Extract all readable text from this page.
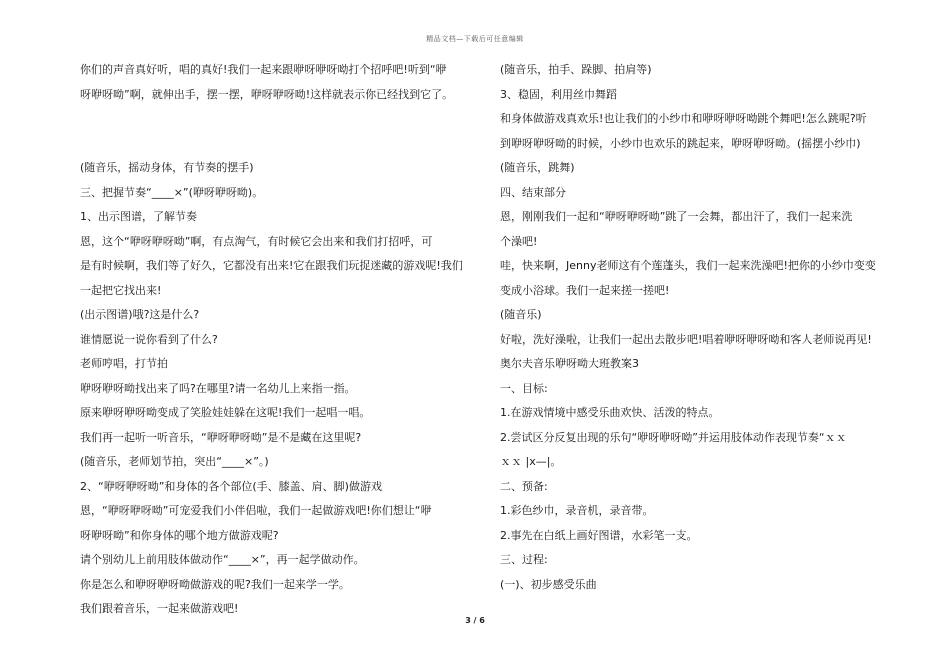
精品文档—下载后可任意编辑
你们的声音真好听，唱的真好!我们一起来跟咿呀咿呀呦打个招呼吧!听到“咿
呀咿呀呦”啊，就伸出手，摆一摆，咿呀咿呀呦!这样就表示你已经找到它了。
(随音乐，摇动身体，有节奏的摆手)
三、把握节奏“____×”(咿呀咿呀呦)。
1、出示图谱，了解节奏
恩，这个“咿呀咿呀呦”啊，有点淘气，有时候它会出来和我们打招呼，可
是有时候啊，我们等了好久，它都没有出来!它在跟我们玩捉迷藏的游戏呢!我们
一起把它找出来!
(出示图谱)哦?这是什么?
谁情愿说一说你看到了什么?
老师哼唱，打节拍
咿呀咿呀呦找出来了吗?在哪里?请一名幼儿上来指一指。
原来咿呀咿呀呦变成了笑脸娃娃躲在这呢!我们一起唱一唱。
我们再一起听一听音乐，“咿呀咿呀呦”是不是藏在这里呢?
(随音乐，老师划节拍，突出“____×”。)
2、“咿呀咿呀呦”和身体的各个部位(手、膝盖、肩、脚)做游戏
恩，“咿呀咿呀呦”可宠爱我们小伴侣啦，我们一起做游戏吧!你们想让“咿
呀咿呀呦”和你身体的哪个地方做游戏呢?
请个别幼儿上前用肢体做动作“____×”，再一起学做动作。
你是怎么和咿呀咿呀呦做游戏的呢?我们一起来学一学。
我们跟着音乐，一起来做游戏吧!
(随音乐，拍手、跺脚、拍肩等)
3、稳固，利用丝巾舞蹈
和身体做游戏真欢乐!也让我们的小纱巾和咿呀咿呀呦跳个舞吧!怎么跳呢?听
到咿呀咿呀呦的时候，小纱巾也欢乐的跳起来，咿呀咿呀呦。(摇摆小纱巾)
(随音乐，跳舞)
四、结束部分
恩，刚刚我们一起和“咿呀咿呀呦”跳了一会舞，都出汗了，我们一起来洗
个澡吧!
哇，快来啊，Jenny老师这有个莲蓬头，我们一起来洗澡吧!把你的小纱巾变变
变成小浴球。我们一起来搓一搓吧!
(随音乐)
好啦，洗好澡啦，让我们一起出去散步吧!唱着咿呀咿呀呦和客人老师说再见!
奥尔夫音乐咿呀呦大班教案3
一、目标:
1.在游戏情境中感受乐曲欢快、活泼的特点。
2.尝试区分反复出现的乐句“咿呀咿呀呦”并运用肢体动作表现节奏“ｘｘ
ｘｘ |x—|。
二、预备:
1.彩色纱巾，录音机，录音带。
2.事先在白纸上画好图谱，水彩笔一支。
三、过程:
(一)、初步感受乐曲
3 / 6
